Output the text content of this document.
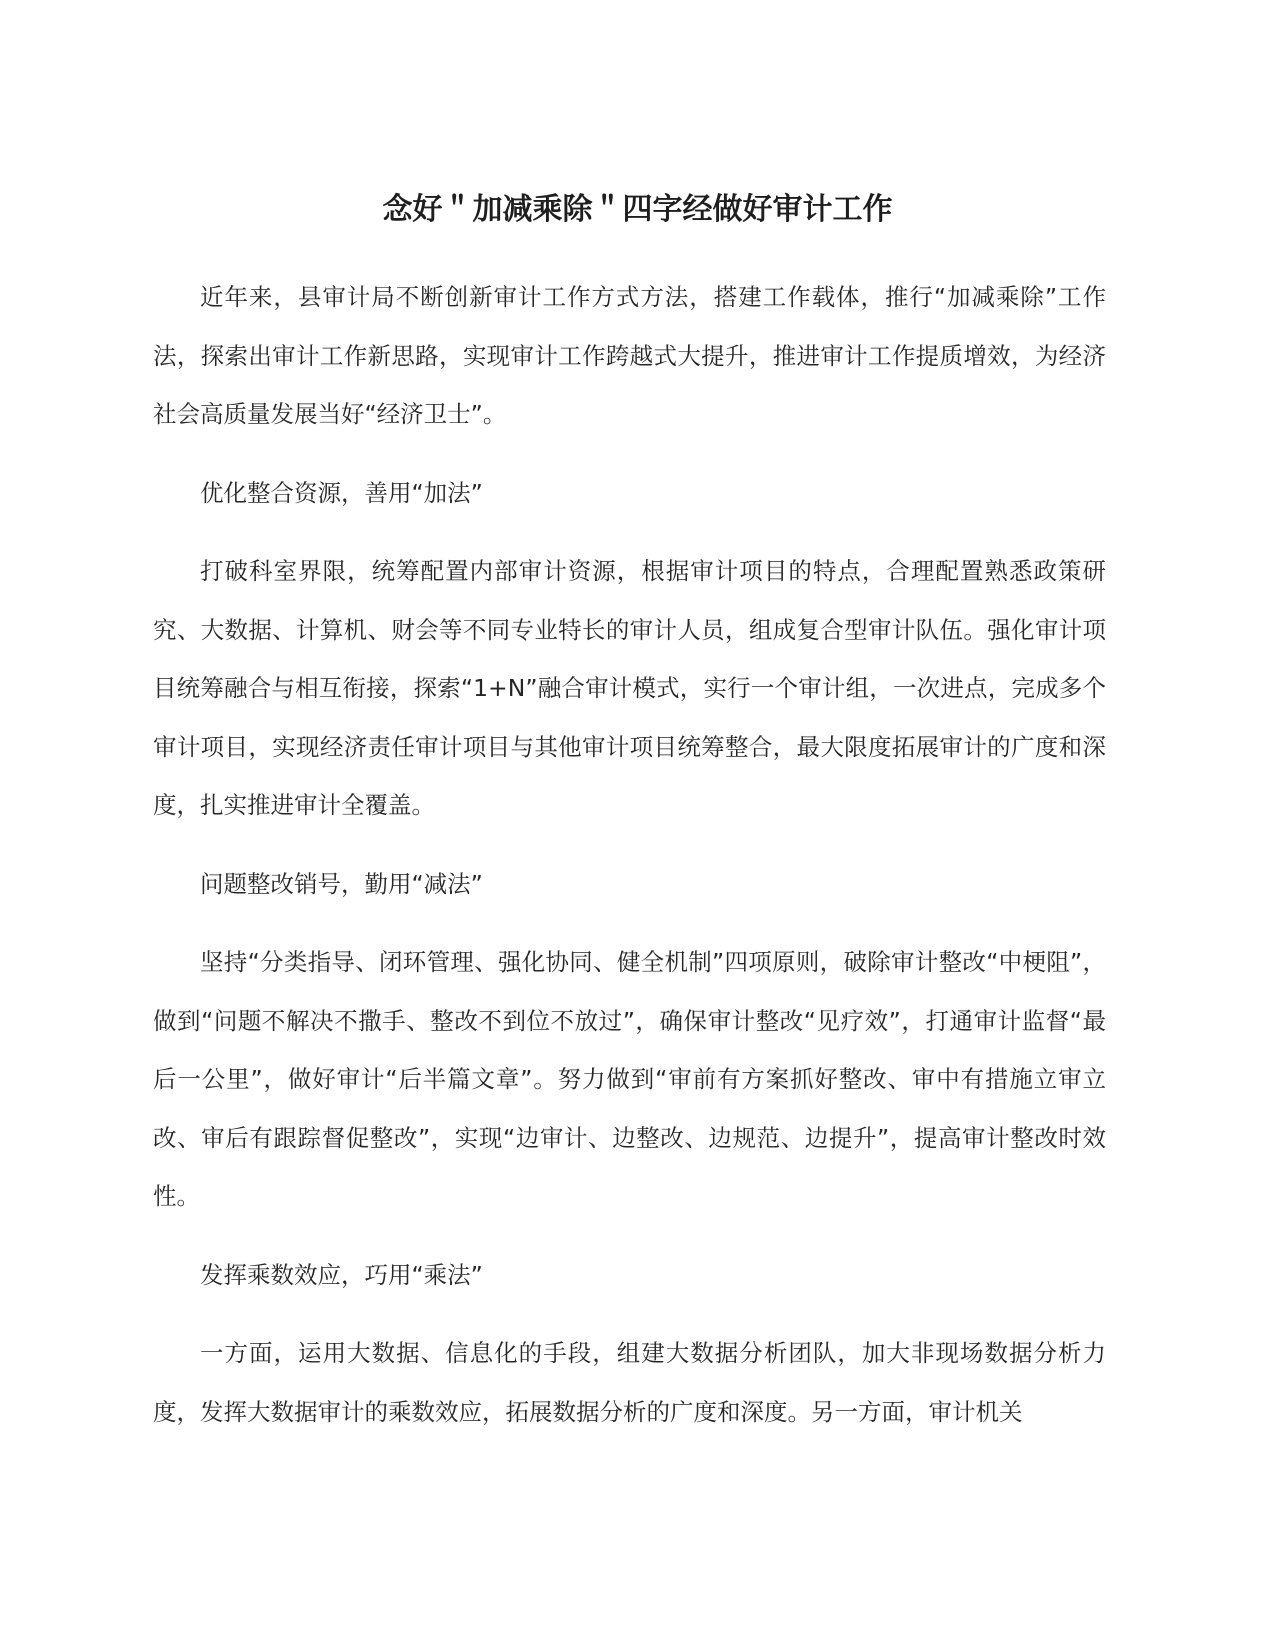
念好＂加减乘除＂四字经做好审计工作

近年来，县审计局不断创新审计工作方式方法，搭建工作载体，推行“加减乘除”工作法，探索出审计工作新思路，实现审计工作跨越式大提升，推进审计工作提质增效，为经济社会高质量发展当好“经济卫士”。

优化整合资源，善用“加法”

打破科室界限，统筹配置内部审计资源，根据审计项目的特点，合理配置熟悉政策研究、大数据、计算机、财会等不同专业特长的审计人员，组成复合型审计队伍。强化审计项目统筹融合与相互衔接，探索“1+N”融合审计模式，实行一个审计组，一次进点，完成多个审计项目，实现经济责任审计项目与其他审计项目统筹整合，最大限度拓展审计的广度和深度，扎实推进审计全覆盖。

问题整改销号，勤用“减法”

坚持“分类指导、闭环管理、强化协同、健全机制”四项原则，破除审计整改“中梗阻”，做到“问题不解决不撒手、整改不到位不放过”，确保审计整改“见疗效”，打通审计监督“最后一公里”，做好审计“后半篇文章”。努力做到“审前有方案抓好整改、审中有措施立审立改、审后有跟踪督促整改”，实现“边审计、边整改、边规范、边提升”，提高审计整改时效性。

发挥乘数效应，巧用“乘法”

一方面，运用大数据、信息化的手段，组建大数据分析团队，加大非现场数据分析力度，发挥大数据审计的乘数效应，拓展数据分析的广度和深度。另一方面，审计机关
